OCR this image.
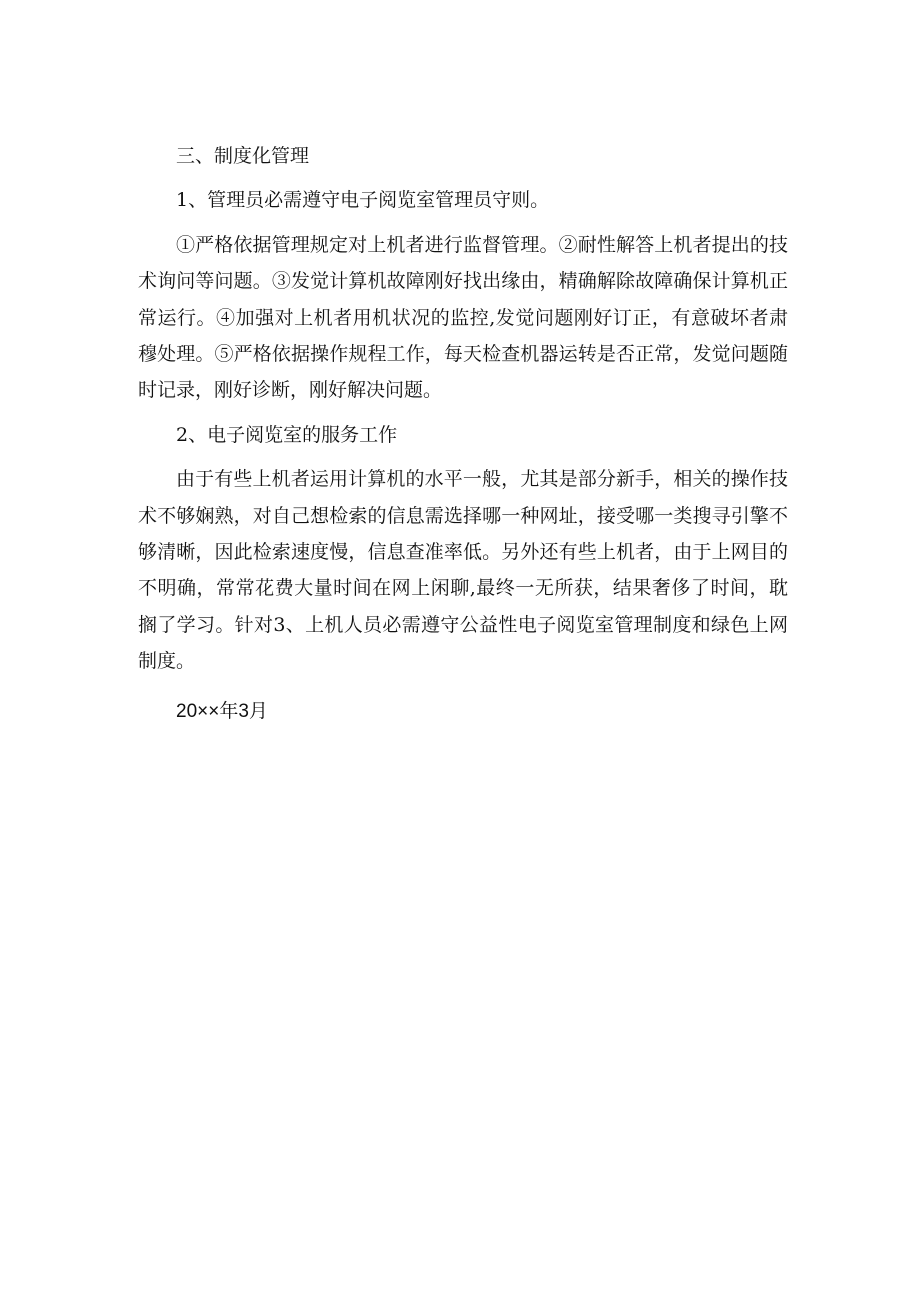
三、制度化管理

1、管理员必需遵守电子阅览室管理员守则。

①严格依据管理规定对上机者进行监督管理。②耐性解答上机者提出的技术询问等问题。③发觉计算机故障刚好找出缘由，精确解除故障确保计算机正常运行。④加强对上机者用机状况的监控,发觉问题刚好订正，有意破坏者肃穆处理。⑤严格依据操作规程工作，每天检查机器运转是否正常，发觉问题随时记录，刚好诊断，刚好解决问题。

2、电子阅览室的服务工作

由于有些上机者运用计算机的水平一般，尤其是部分新手，相关的操作技术不够娴熟，对自己想检索的信息需选择哪一种网址，接受哪一类搜寻引擎不够清晰，因此检索速度慢，信息查准率低。另外还有些上机者，由于上网目的不明确，常常花费大量时间在网上闲聊,最终一无所获，结果奢侈了时间，耽搁了学习。针对3、上机人员必需遵守公益性电子阅览室管理制度和绿色上网制度。

20××年3月
